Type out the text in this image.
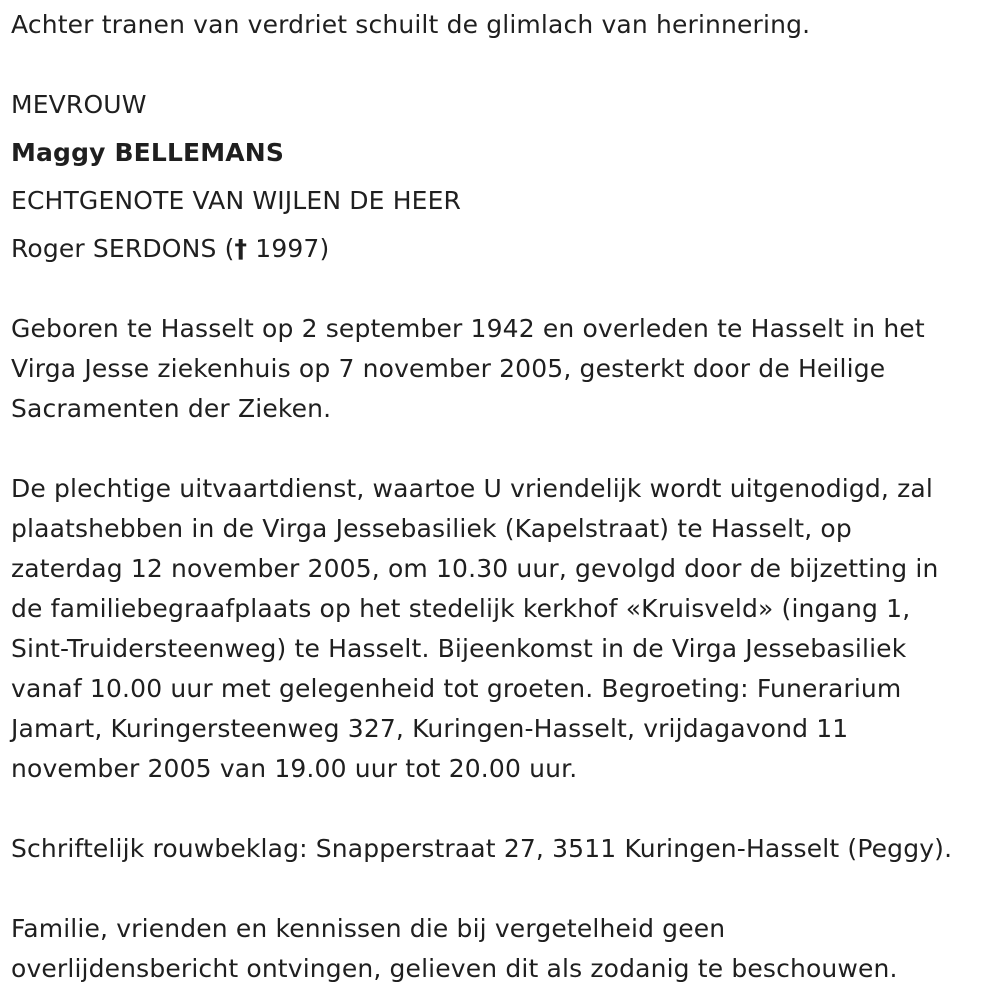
Achter tranen van verdriet schuilt de glimlach van herinnering.
MEVROUW
Maggy BELLEMANS
ECHTGENOTE VAN WIJLEN DE HEER
Roger SERDONS († 1997)
Geboren te Hasselt op 2 september 1942 en overleden te Hasselt in het
Virga Jesse ziekenhuis op 7 november 2005, gesterkt door de Heilige
Sacramenten der Zieken.
De plechtige uitvaartdienst, waartoe U vriendelijk wordt uitgenodigd, zal
plaatshebben in de Virga Jessebasiliek (Kapelstraat) te Hasselt, op
zaterdag 12 november 2005, om 10.30 uur, gevolgd door de bijzetting in
de familiebegraafplaats op het stedelijk kerkhof «Kruisveld» (ingang 1,
Sint-Truidersteenweg) te Hasselt. Bijeenkomst in de Virga Jessebasiliek
vanaf 10.00 uur met gelegenheid tot groeten. Begroeting: Funerarium
Jamart, Kuringersteenweg 327, Kuringen-Hasselt, vrijdagavond 11
november 2005 van 19.00 uur tot 20.00 uur.
Schriftelijk rouwbeklag: Snapperstraat 27, 3511 Kuringen-Hasselt (Peggy).
Familie, vrienden en kennissen die bij vergetelheid geen
overlijdensbericht ontvingen, gelieven dit als zodanig te beschouwen.
